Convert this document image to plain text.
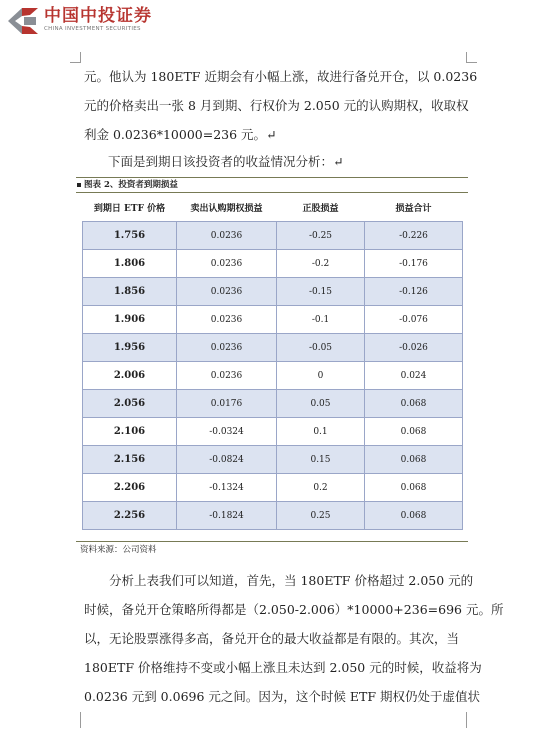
中国中投证券
CHINA INVESTMENT SECURITIES

元。他认为 180ETF 近期会有小幅上涨，故进行备兑开仓，以 0.0236

元的价格卖出一张 8 月到期、行权价为 2.050 元的认购期权，收取权

利金 0.0236*10000=236 元。↵

下面是到期日该投资者的收益情况分析：↵
图表 2、投资者到期损益
到期日 ETF 价格	卖出认购期权损益	正股损益	损益合计
1.756	0.0236	-0.25	-0.226
1.806	0.0236	-0.2	-0.176
1.856	0.0236	-0.15	-0.126
1.906	0.0236	-0.1	-0.076
1.956	0.0236	-0.05	-0.026
2.006	0.0236	0	0.024
2.056	0.0176	0.05	0.068
2.106	-0.0324	0.1	0.068
2.156	-0.0824	0.15	0.068
2.206	-0.1324	0.2	0.068
2.256	-0.1824	0.25	0.068
资料来源：公司资料

分析上表我们可以知道，首先，当 180ETF 价格超过 2.050 元的

时候，备兑开仓策略所得都是（2.050-2.006）*10000+236=696 元。所

以，无论股票涨得多高，备兑开仓的最大收益都是有限的。其次，当

180ETF 价格维持不变或小幅上涨且未达到 2.050 元的时候，收益将为

0.0236 元到 0.0696 元之间。因为，这个时候 ETF 期权仍处于虚值状
